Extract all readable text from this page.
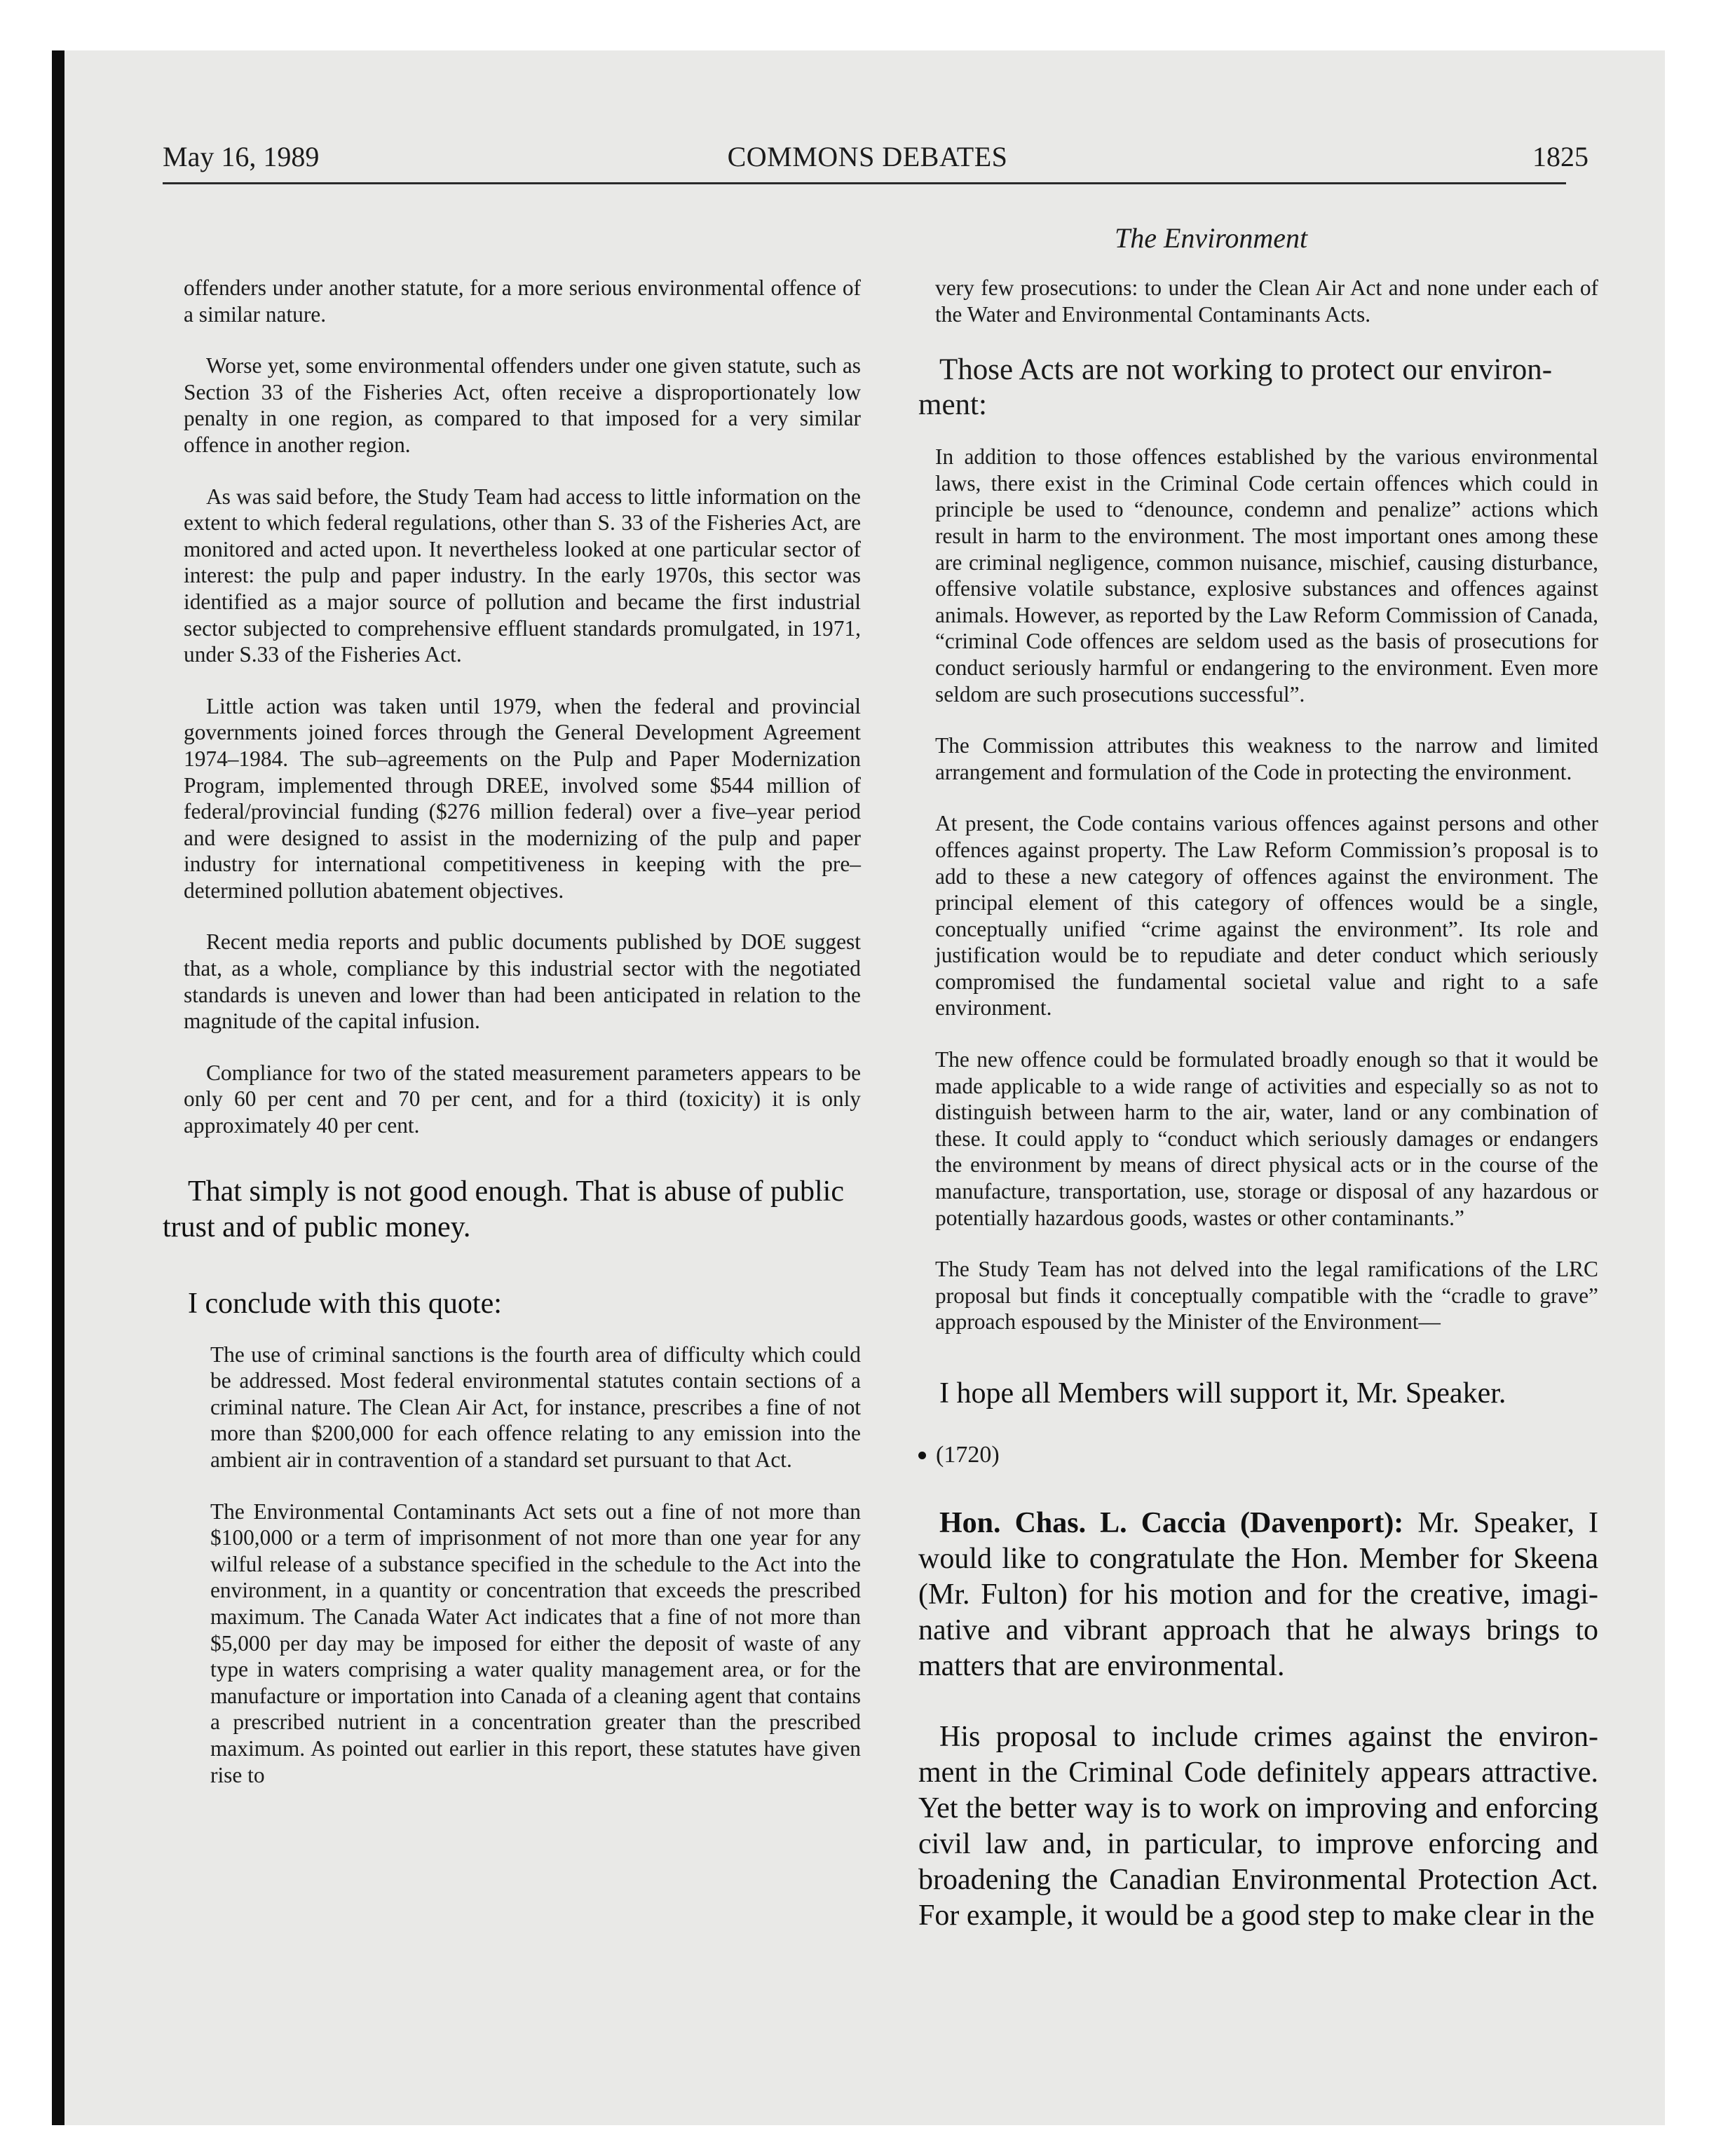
May 16, 1989	COMMONS DEBATES	1825
The Environment

offenders under another statute, for a more serious environmental offence of a similar nature.

Worse yet, some environmental offenders under one given statute, such as Section 33 of the Fisheries Act, often receive a disproportionately low penalty in one region, as compared to that imposed for a very similar offence in another region.

As was said before, the Study Team had access to little information on the extent to which federal regulations, other than S. 33 of the Fisheries Act, are monitored and acted upon. It nevertheless looked at one particular sector of interest: the pulp and paper industry. In the early 1970s, this sector was identified as a major source of pollution and became the first industrial sector subjected to comprehensive effluent standards promulgated, in 1971, under S.33 of the Fisheries Act.

Little action was taken until 1979, when the federal and provincial governments joined forces through the General Development Agreement 1974–1984. The sub–agreements on the Pulp and Paper Modernization Program, implemented through DREE, involved some $544 million of federal/provincial funding ($276 million federal) over a five–year period and were designed to assist in the modernizing of the pulp and paper industry for international competitiveness in keeping with the pre–determined pollution abatement objectives.

Recent media reports and public documents published by DOE suggest that, as a whole, compliance by this industrial sector with the negotiated standards is uneven and lower than had been anticipated in relation to the magnitude of the capital infusion.

Compliance for two of the stated measurement parameters appears to be only 60 per cent and 70 per cent, and for a third (toxicity) it is only approximately 40 per cent.

That simply is not good enough. That is abuse of public trust and of public money.

I conclude with this quote:

The use of criminal sanctions is the fourth area of difficulty which could be addressed. Most federal environmental statutes contain sections of a criminal nature. The Clean Air Act, for instance, prescribes a fine of not more than $200,000 for each offence relating to any emission into the ambient air in contravention of a standard set pursuant to that Act.

The Environmental Contaminants Act sets out a fine of not more than $100,000 or a term of imprisonment of not more than one year for any wilful release of a substance specified in the schedule to the Act into the environment, in a quantity or concentration that exceeds the prescribed maximum. The Canada Water Act indicates that a fine of not more than $5,000 per day may be imposed for either the deposit of waste of any type in waters comprising a water quality management area, or for the manufacture or importation into Canada of a cleaning agent that contains a prescribed nutrient in a concentration greater than the prescribed maximum. As pointed out earlier in this report, these statutes have given rise to

very few prosecutions: to under the Clean Air Act and none under each of the Water and Environmental Contaminants Acts.

Those Acts are not working to protect our environ- ment:

In addition to those offences established by the various environmental laws, there exist in the Criminal Code certain offences which could in principle be used to “denounce, condemn and penalize” actions which result in harm to the environment. The most important ones among these are criminal negligence, common nuisance, mischief, causing disturbance, offensive volatile substance, explosive substances and offences against animals. However, as reported by the Law Reform Commission of Canada, “criminal Code offences are seldom used as the basis of prosecutions for conduct seriously harmful or endangering to the environment. Even more seldom are such prosecutions successful”.

The Commission attributes this weakness to the narrow and limited arrangement and formulation of the Code in protecting the environment.

At present, the Code contains various offences against persons and other offences against property. The Law Reform Commission’s proposal is to add to these a new category of offences against the environment. The principal element of this category of offences would be a single, conceptually unified “crime against the environment”. Its role and justification would be to repudiate and deter conduct which seriously compromised the fundamental societal value and right to a safe environment.

The new offence could be formulated broadly enough so that it would be made applicable to a wide range of activities and especially so as not to distinguish between harm to the air, water, land or any combination of these. It could apply to “conduct which seriously damages or endangers the environment by means of direct physical acts or in the course of the manufacture, transportation, use, storage or disposal of any hazardous or potentially hazardous goods, wastes or other contaminants.”

The Study Team has not delved into the legal ramifications of the LRC proposal but finds it conceptually compatible with the “cradle to grave” approach espoused by the Minister of the Environment—

I hope all Members will support it, Mr. Speaker.

(1720)

Hon. Chas. L. Caccia (Davenport): Mr. Speaker, I would like to congratulate the Hon. Member for Skeena (Mr. Fulton) for his motion and for the creative, imagi- native and vibrant approach that he always brings to matters that are environmental.

His proposal to include crimes against the environ- ment in the Criminal Code definitely appears attractive. Yet the better way is to work on improving and enforcing civil law and, in particular, to improve enforcing and broadening the Canadian Environmental Protection Act. For example, it would be a good step to make clear in the
